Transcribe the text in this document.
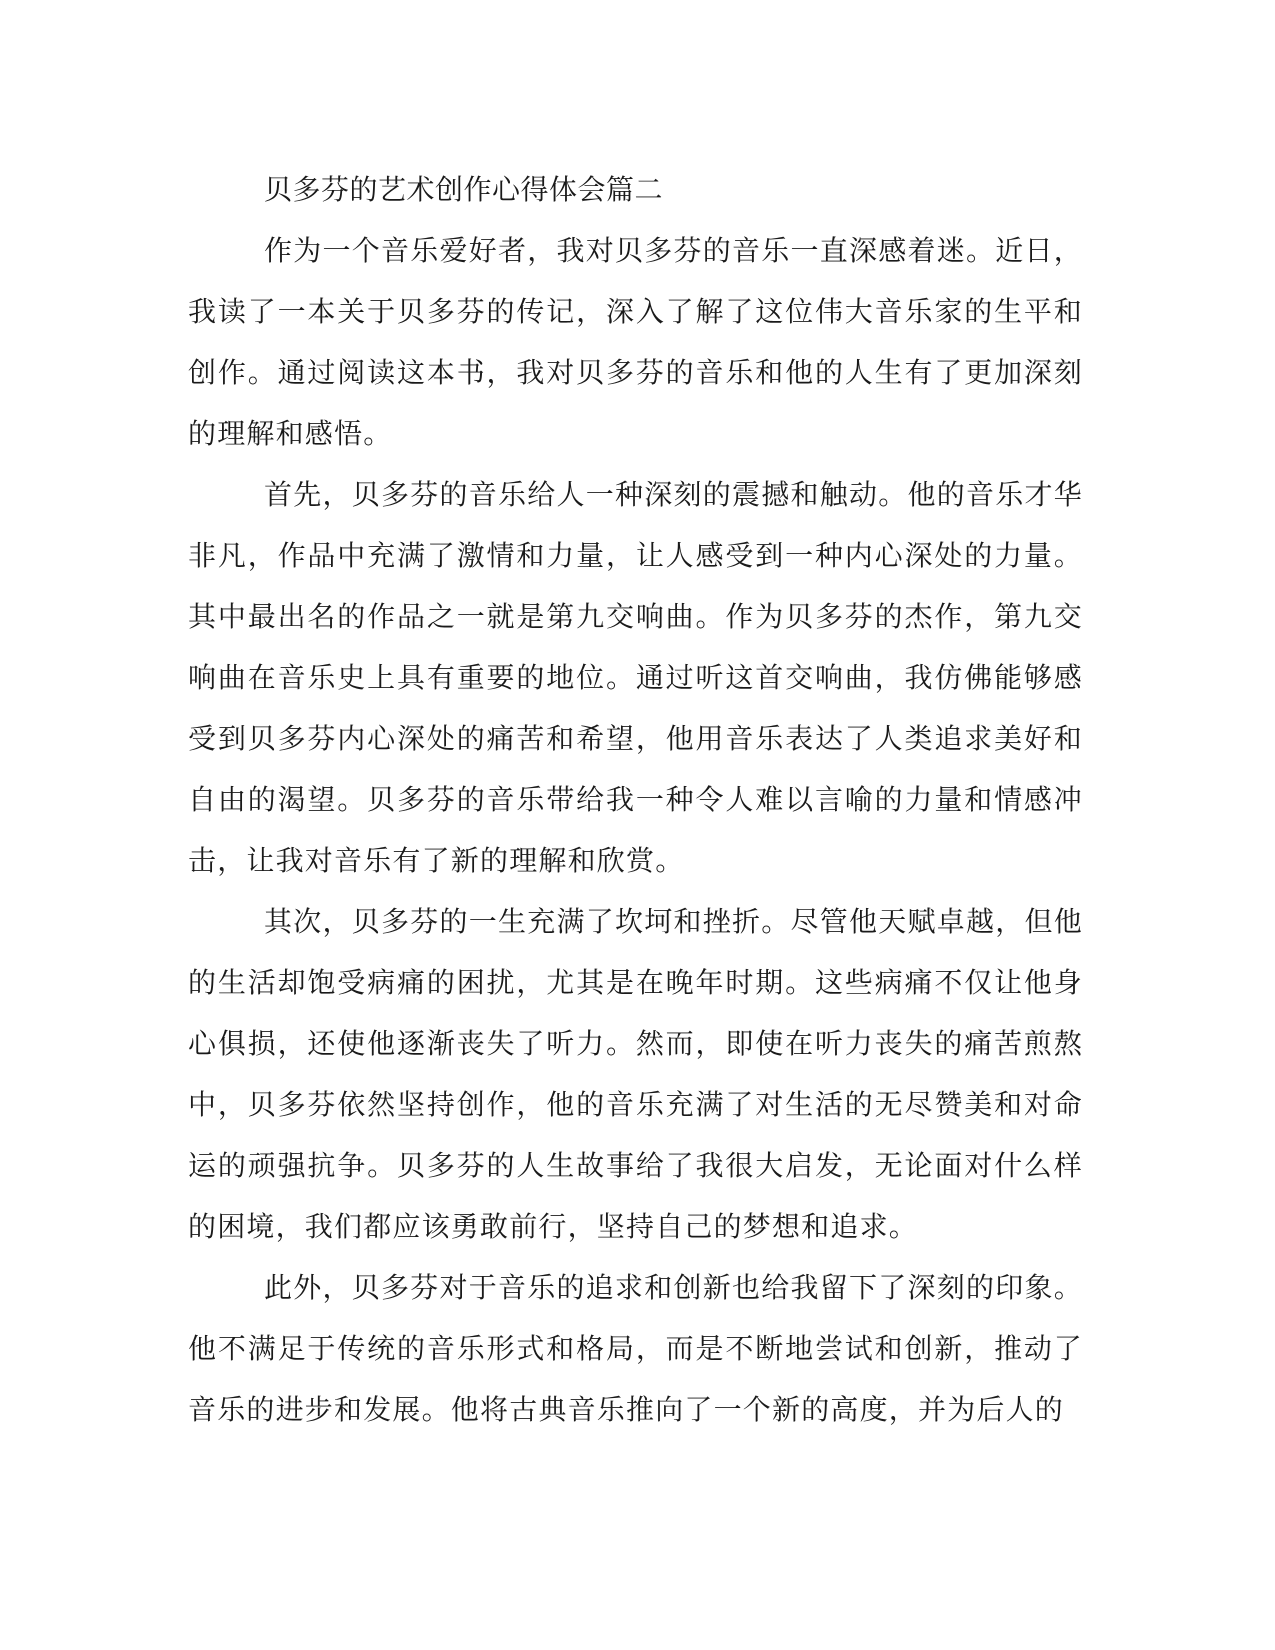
贝多芬的艺术创作心得体会篇二

作为一个音乐爱好者，我对贝多芬的音乐一直深感着迷。近日，我读了一本关于贝多芬的传记，深入了解了这位伟大音乐家的生平和创作。通过阅读这本书，我对贝多芬的音乐和他的人生有了更加深刻的理解和感悟。

首先，贝多芬的音乐给人一种深刻的震撼和触动。他的音乐才华非凡，作品中充满了激情和力量，让人感受到一种内心深处的力量。其中最出名的作品之一就是第九交响曲。作为贝多芬的杰作，第九交响曲在音乐史上具有重要的地位。通过听这首交响曲，我仿佛能够感受到贝多芬内心深处的痛苦和希望，他用音乐表达了人类追求美好和自由的渴望。贝多芬的音乐带给我一种令人难以言喻的力量和情感冲击，让我对音乐有了新的理解和欣赏。

其次，贝多芬的一生充满了坎坷和挫折。尽管他天赋卓越，但他的生活却饱受病痛的困扰，尤其是在晚年时期。这些病痛不仅让他身心俱损，还使他逐渐丧失了听力。然而，即使在听力丧失的痛苦煎熬中，贝多芬依然坚持创作，他的音乐充满了对生活的无尽赞美和对命运的顽强抗争。贝多芬的人生故事给了我很大启发，无论面对什么样的困境，我们都应该勇敢前行，坚持自己的梦想和追求。

此外，贝多芬对于音乐的追求和创新也给我留下了深刻的印象。他不满足于传统的音乐形式和格局，而是不断地尝试和创新，推动了音乐的进步和发展。他将古典音乐推向了一个新的高度，并为后人的
